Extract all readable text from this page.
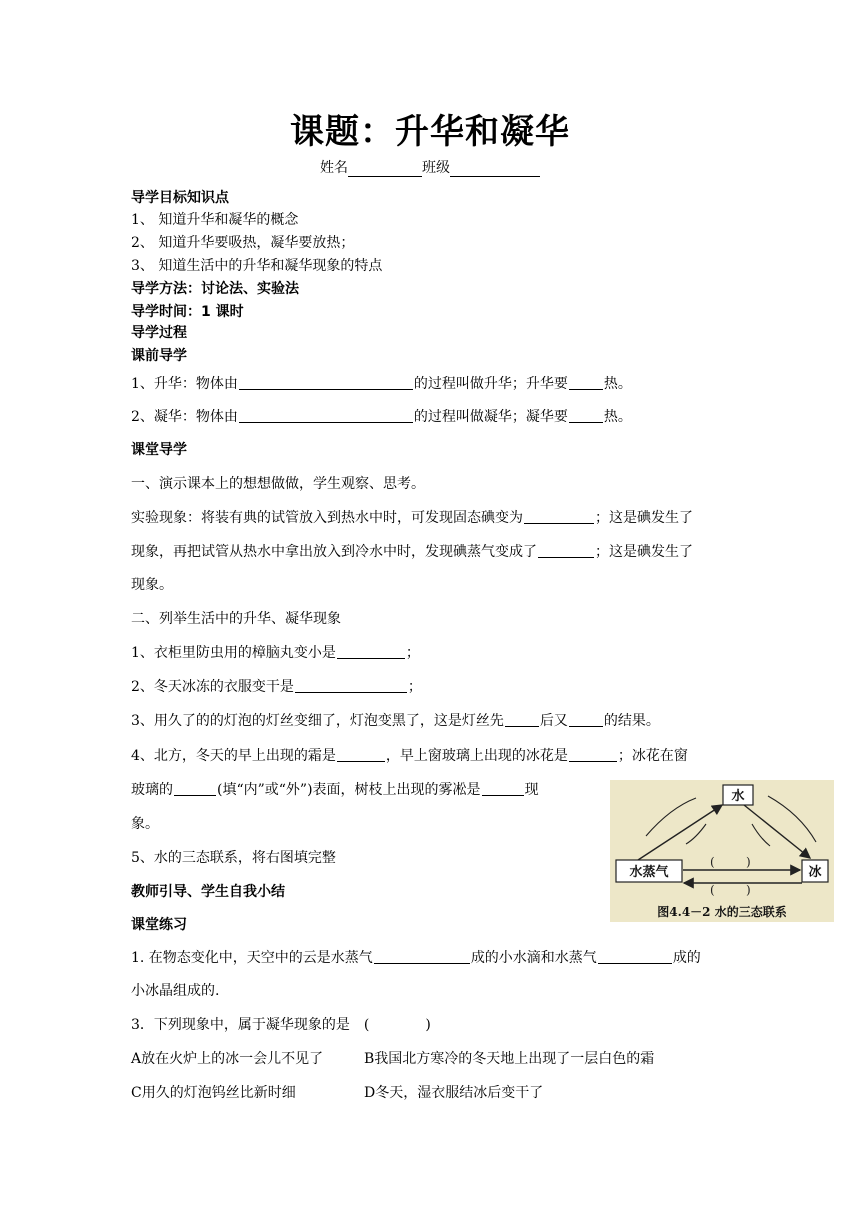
课题：升华和凝华
姓名	班级
导学目标知识点
1、 知道升华和凝华的概念
2、 知道升华要吸热，凝华要放热；
3、 知道生活中的升华和凝华现象的特点
导学方法：讨论法、实验法
导学时间：1 课时
导学过程
课前导学
1、升华：物体由	的过程叫做升华；升华要	热。
2、凝华：物体由	的过程叫做凝华；凝华要	热。
课堂导学
一、演示课本上的想想做做，学生观察、思考。
实验现象：将装有典的试管放入到热水中时，可发现固态碘变为	；这是碘发生了
现象，再把试管从热水中拿出放入到冷水中时，发现碘蒸气变成了	；这是碘发生了
现象。
二、列举生活中的升华、凝华现象
1、衣柜里防虫用的樟脑丸变小是	；
2、冬天冰冻的衣服变干是	；
3、用久了的的灯泡的灯丝变细了，灯泡变黑了，这是灯丝先	后又	的结果。
4、北方，冬天的早上出现的霜是	，早上窗玻璃上出现的冰花是	；冰花在窗
玻璃的	(填“内”或“外”)表面，树枝上出现的雾凇是	现
象。
5、水的三态联系，将右图填完整
教师引导、学生自我小结
课堂练习
1. 在物态变化中，天空中的云是水蒸气	成的小水滴和水蒸气	成的
小冰晶组成的.
3．下列现象中，属于凝华现象的是　(　　　　)
A放在火炉上的冰一会儿不见了	B我国北方寒冷的冬天地上出现了一层白色的霜
C用久的灯泡钨丝比新时细	D冬天，湿衣服结冰后变干了
水
水蒸气	冰
(	)
(	)
图4.4－2 水的三态联系
